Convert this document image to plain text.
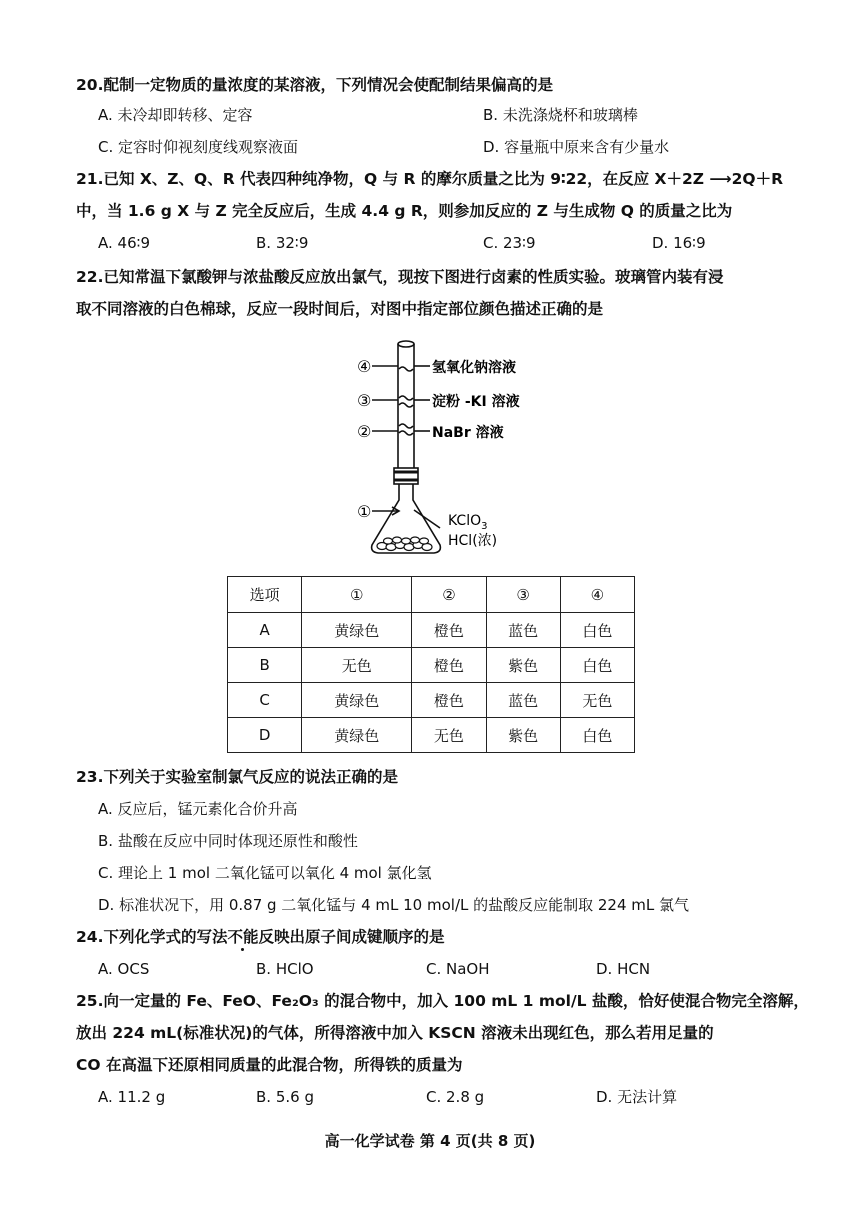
20.配制一定物质的量浓度的某溶液，下列情况会使配制结果偏高的是
A. 未冷却即转移、定容	B. 未洗涤烧杯和玻璃棒
C. 定容时仰视刻度线观察液面	D. 容量瓶中原来含有少量水
21.已知 X、Z、Q、R 代表四种纯净物，Q 与 R 的摩尔质量之比为 9∶22，在反应 X＋2Z ⟶2Q＋R
中，当 1.6 g X 与 Z 完全反应后，生成 4.4 g R，则参加反应的 Z 与生成物 Q 的质量之比为
A. 46∶9	B. 32∶9	C. 23∶9	D. 16∶9
22.已知常温下氯酸钾与浓盐酸反应放出氯气，现按下图进行卤素的性质实验。玻璃管内装有浸
取不同溶液的白色棉球，反应一段时间后，对图中指定部位颜色描述正确的是
④
③
②
①
氢氧化钠溶液
淀粉 -KI 溶液
NaBr 溶液
KClO$_3$
HCl(浓)
选项	①	②	③	④
A	黄绿色	橙色	蓝色	白色
B	无色	橙色	紫色	白色
C	黄绿色	橙色	蓝色	无色
D	黄绿色	无色	紫色	白色
23.下列关于实验室制氯气反应的说法正确的是
A. 反应后，锰元素化合价升高
B. 盐酸在反应中同时体现还原性和酸性
C. 理论上 1 mol 二氧化锰可以氧化 4 mol 氯化氢
D. 标准状况下，用 0.87 g 二氧化锰与 4 mL 10 mol/L 的盐酸反应能制取 224 mL 氯气
24.下列化学式的写法不能反映出原子间成键顺序的是
A. OCS	B. HClO	C. NaOH	D. HCN
25.向一定量的 Fe、FeO、Fe₂O₃ 的混合物中，加入 100 mL 1 mol/L 盐酸，恰好使混合物完全溶解，
放出 224 mL(标准状况)的气体，所得溶液中加入 KSCN 溶液未出现红色，那么若用足量的
CO 在高温下还原相同质量的此混合物，所得铁的质量为
A. 11.2 g	B. 5.6 g	C. 2.8 g	D. 无法计算
高一化学试卷 第 4 页(共 8 页)
